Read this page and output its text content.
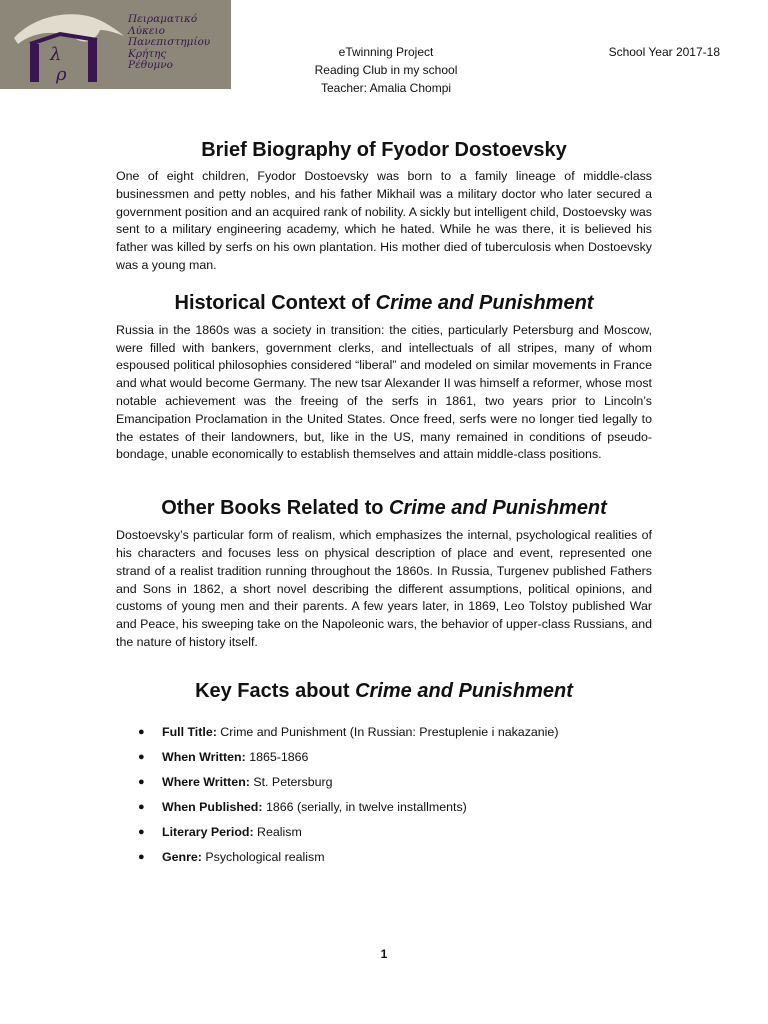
λ
ρ
Πειραματικό
Λύκειο
Πανεπιστημίου
Κρήτης
Ρέθυμνο
eTwinning Project
Reading Club in my school
Teacher: Amalia Chompi
School Year 2017-18
Brief Biography of Fyodor Dostoevsky

One of eight children, Fyodor Dostoevsky was born to a family lineage of middle-class businessmen and petty nobles, and his father Mikhail was a military doctor who later secured a government position and an acquired rank of nobility. A sickly but intelligent child, Dostoevsky was sent to a military engineering academy, which he hated. While he was there, it is believed his father was killed by serfs on his own plantation. His mother died of tuberculosis when Dostoevsky was a young man.

Historical Context of Crime and Punishment

Russia in the 1860s was a society in transition: the cities, particularly Petersburg and Moscow, were filled with bankers, government clerks, and intellectuals of all stripes, many of whom espoused political philosophies considered “liberal” and modeled on similar movements in France and what would become Germany. The new tsar Alexander II was himself a reformer, whose most notable achievement was the freeing of the serfs in 1861, two years prior to Lincoln’s Emancipation Proclamation in the United States. Once freed, serfs were no longer tied legally to the estates of their landowners, but, like in the US, many remained in conditions of pseudo-bondage, unable economically to establish themselves and attain middle-class positions.

Other Books Related to Crime and Punishment

Dostoevsky’s particular form of realism, which emphasizes the internal, psychological realities of his characters and focuses less on physical description of place and event, represented one strand of a realist tradition running throughout the 1860s. In Russia, Turgenev published Fathers and Sons in 1862, a short novel describing the different assumptions, political opinions, and customs of young men and their parents. A few years later, in 1869, Leo Tolstoy published War and Peace, his sweeping take on the Napoleonic wars, the behavior of upper-class Russians, and the nature of history itself.

Key Facts about Crime and Punishment
● Full Title: Crime and Punishment (In Russian: Prestuplenie i nakazanie)
● When Written: 1865-1866
● Where Written: St. Petersburg
● When Published: 1866 (serially, in twelve installments)
● Literary Period: Realism
● Genre: Psychological realism
1
